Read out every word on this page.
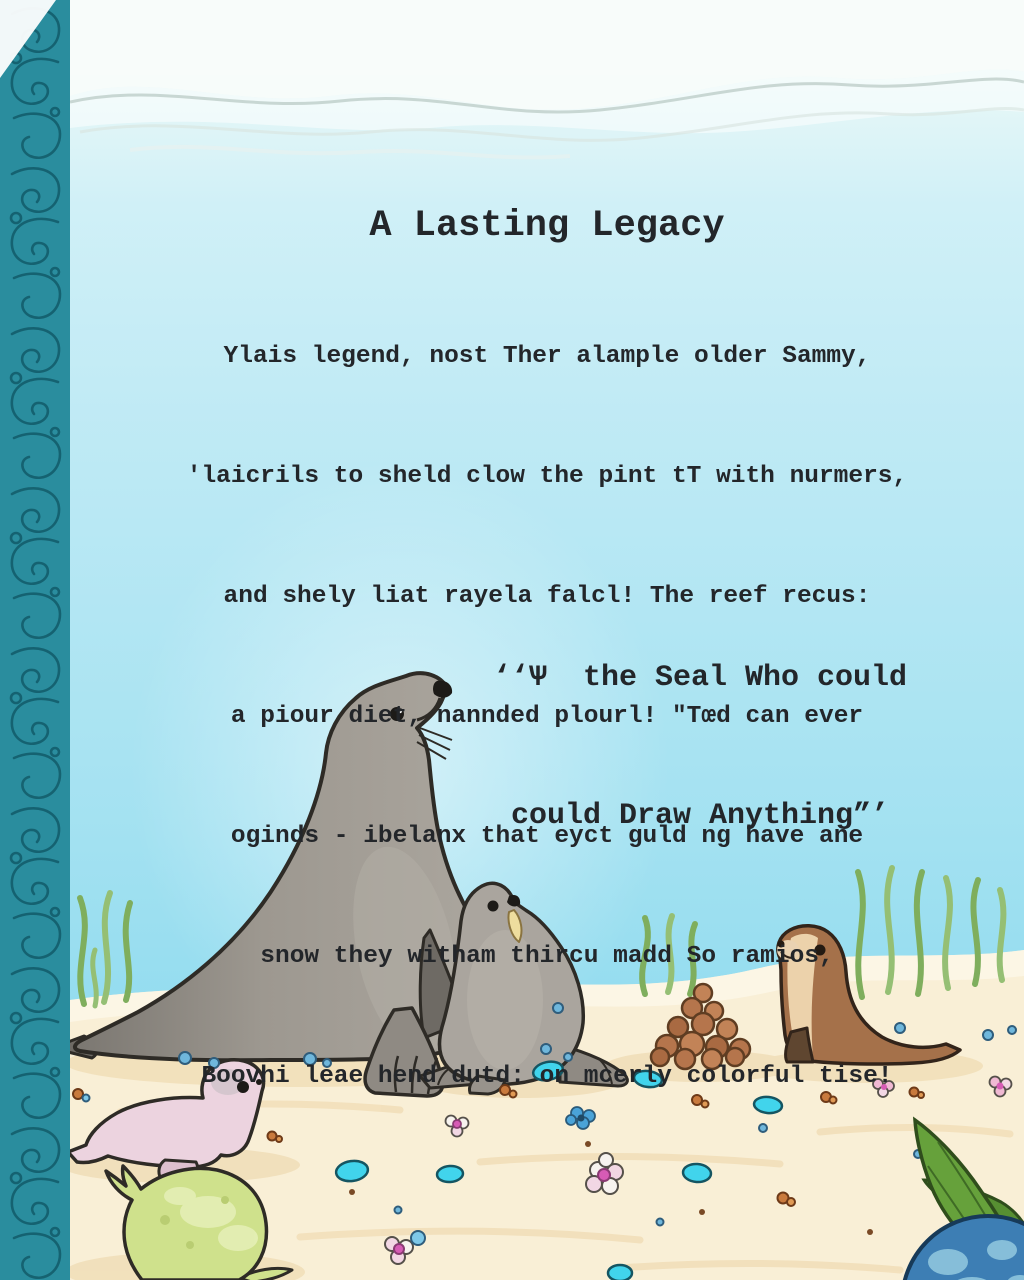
A Lasting Legacy

Ylais legend, nost Ther alample older Sammy,

'laicrils to sheld clow the pint tT with nurmers,

and shely liat rayela falcl! The reef recus:

a piour diet, nannded plourl! "Tœd can ever

oginds - ibelanx that eyct guld ng have ane

snow they witham thircu madd So ramios,

Boovhi leae hend dutd: on mcerly colorful tise!

‘‘Ѱ  the Seal Who could

could Draw Anything”’
